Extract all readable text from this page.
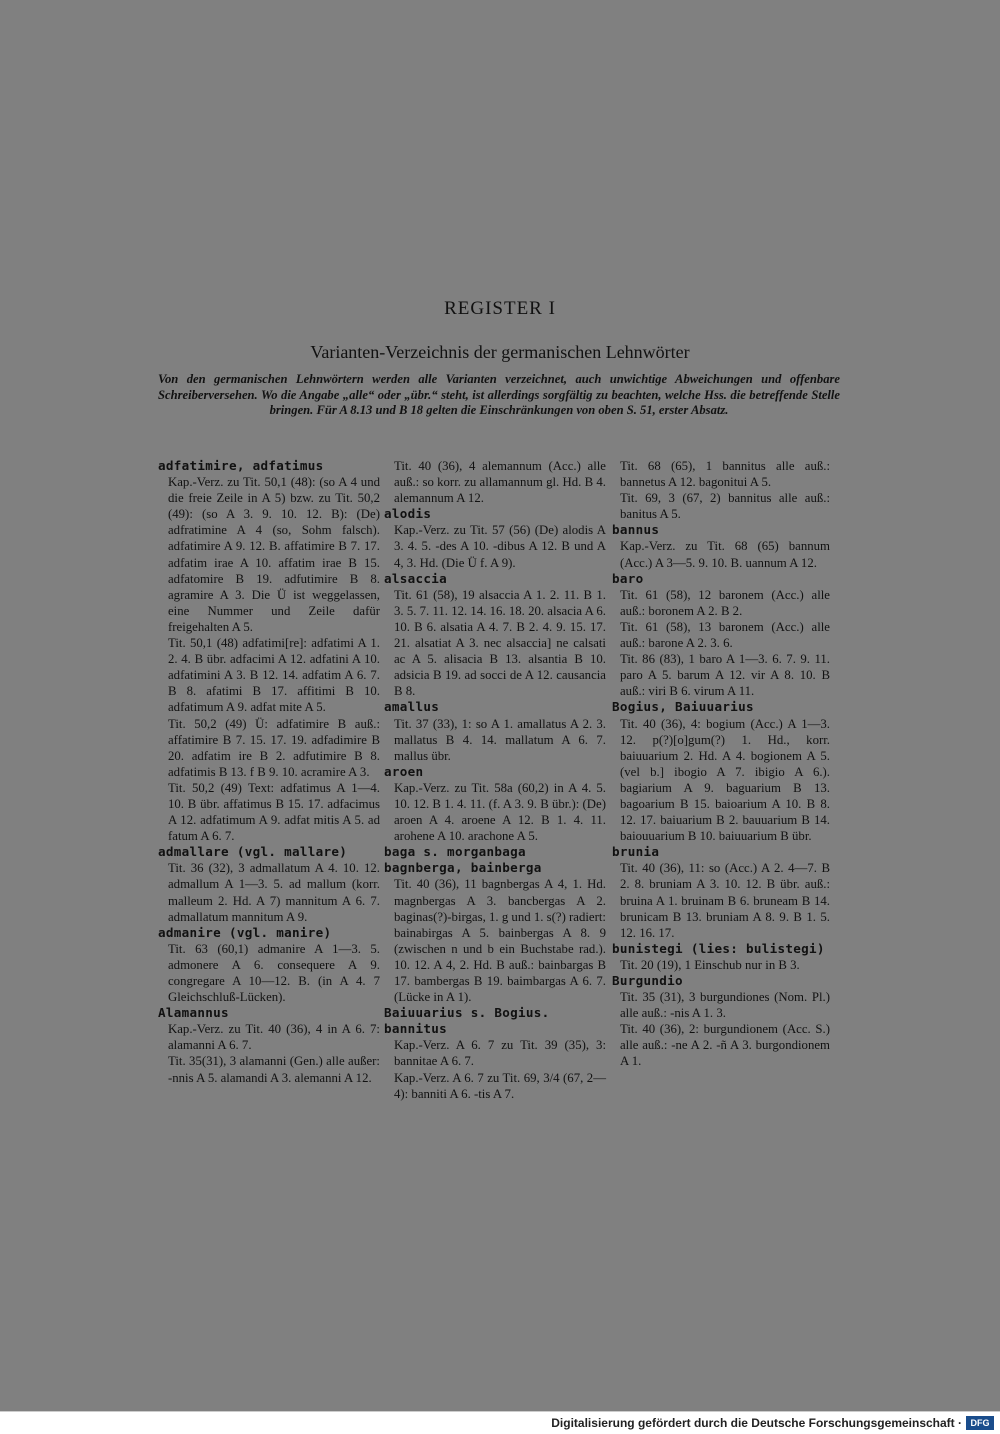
REGISTER I
Varianten-Verzeichnis der germanischen Lehnwörter
Von den germanischen Lehnwörtern werden alle Varianten verzeichnet, auch unwichtige Abweichungen und offenbare Schreiberversehen. Wo die Angabe „alle“ oder „übr.“ steht, ist allerdings sorgfältig zu beachten, welche Hss. die betreffende Stelle bringen. Für A 8.13 und B 18 gelten die Einschränkungen von oben S. 51, erster Absatz.
adfatimire, adfatimus
Kap.-Verz. zu Tit. 50,1 (48): (so A 4 und die freie Zeile in A 5) bzw. zu Tit. 50,2 (49): (so A 3. 9. 10. 12. B): (De) adfratimine A 4 (so, Sohm falsch). adfatimire A 9. 12. B. affatimire B 7. 17. adfatim irae A 10. affatim irae B 15. adfatomire B 19. adfutimire B 8. agramire A 3. Die Ü ist weggelassen, eine Nummer und Zeile dafür freigehalten A 5.
Tit. 50,1 (48) adfatimi[re]: adfatimi A 1. 2. 4. B übr. adfacimi A 12. adfatini A 10. adfatimini A 3. B 12. 14. adfatim A 6. 7. B 8. afatimi B 17. affitimi B 10. adfatimum A 9. adfat mite A 5.
Tit. 50,2 (49) Ü: adfatimire B auß.: affatimire B 7. 15. 17. 19. adfadimire B 20. adfatim ire B 2. adfutimire B 8. adfatimis B 13. f B 9. 10. acramire A 3.
Tit. 50,2 (49) Text: adfatimus A 1—4. 10. B übr. affatimus B 15. 17. adfacimus A 12. adfatimum A 9. adfat mitis A 5. ad fatum A 6. 7.
admallare (vgl. mallare)
Tit. 36 (32), 3 admallatum A 4. 10. 12. admallum A 1—3. 5. ad mallum (korr. malleum 2. Hd. A 7) mannitum A 6. 7. admallatum mannitum A 9.
admanire (vgl. manire)
Tit. 63 (60,1) admanire A 1—3. 5. admonere A 6. consequere A 9. congregare A 10—12. B. (in A 4. 7 Gleichschluß-Lücken).
Alamannus
Kap.-Verz. zu Tit. 40 (36), 4 in A 6. 7: alamanni A 6. 7.
Tit. 35(31), 3 alamanni (Gen.) alle außer: -nnis A 5. alamandi A 3. alemanni A 12.
Tit. 40 (36), 4 alemannum (Acc.) alle auß.: so korr. zu allamannum gl. Hd. B 4. alemannum A 12.
alodis
Kap.-Verz. zu Tit. 57 (56) (De) alodis A 3. 4. 5. -des A 10. -dibus A 12. B und A 4, 3. Hd. (Die Ü f. A 9).
alsaccia
Tit. 61 (58), 19 alsaccia A 1. 2. 11. B 1. 3. 5. 7. 11. 12. 14. 16. 18. 20. alsacia A 6. 10. B 6. alsatia A 4. 7. B 2. 4. 9. 15. 17. 21. alsatiat A 3. nec alsaccia] ne calsati ac A 5. alisacia B 13. alsantia B 10. adsicia B 19. ad socci de A 12. causancia B 8.
amallus
Tit. 37 (33), 1: so A 1. amallatus A 2. 3. mallatus B 4. 14. mallatum A 6. 7. mallus übr.
aroen
Kap.-Verz. zu Tit. 58a (60,2) in A 4. 5. 10. 12. B 1. 4. 11. (f. A 3. 9. B übr.): (De) aroen A 4. aroene A 12. B 1. 4. 11. arohene A 10. arachone A 5.
baga s. morganbaga
bagnberga, bainberga
Tit. 40 (36), 11 bagnbergas A 4, 1. Hd. magnbergas A 3. bancbergas A 2. baginas(?)-birgas, 1. g und 1. s(?) radiert: bainabirgas A 5. bainbergas A 8. 9 (zwischen n und b ein Buchstabe rad.). 10. 12. A 4, 2. Hd. B auß.: bainbargas B 17. bambergas B 19. baimbargas A 6. 7. (Lücke in A 1).
Baiuuarius s. Bogius.
bannitus
Kap.-Verz. A 6. 7 zu Tit. 39 (35), 3: bannitae A 6. 7.
Kap.-Verz. A 6. 7 zu Tit. 69, 3/4 (67, 2—4): banniti A 6. -tis A 7.
Tit. 68 (65), 1 bannitus alle auß.: bannetus A 12. bagonitui A 5.
Tit. 69, 3 (67, 2) bannitus alle auß.: banitus A 5.
bannus
Kap.-Verz. zu Tit. 68 (65) bannum (Acc.) A 3—5. 9. 10. B. uannum A 12.
baro
Tit. 61 (58), 12 baronem (Acc.) alle auß.: boronem A 2. B 2.
Tit. 61 (58), 13 baronem (Acc.) alle auß.: barone A 2. 3. 6.
Tit. 86 (83), 1 baro A 1—3. 6. 7. 9. 11. paro A 5. barum A 12. vir A 8. 10. B auß.: viri B 6. virum A 11.
Bogius, Baiuuarius
Tit. 40 (36), 4: bogium (Acc.) A 1—3. 12. p(?)[o]gum(?) 1. Hd., korr. baiuuarium 2. Hd. A 4. bogionem A 5. (vel b.] ibogio A 7. ibigio A 6.). bagiarium A 9. baguarium B 13. bagoarium B 15. baioarium A 10. B 8. 12. 17. baiuarium B 2. bauuarium B 14. baiouuarium B 10. baiuuarium B übr.
brunia
Tit. 40 (36), 11: so (Acc.) A 2. 4—7. B 2. 8. bruniam A 3. 10. 12. B übr. auß.: bruina A 1. bruinam B 6. bruneam B 14. brunicam B 13. bruniam A 8. 9. B 1. 5. 12. 16. 17.
bunistegi (lies: bulistegi)
Tit. 20 (19), 1 Einschub nur in B 3.
Burgundio
Tit. 35 (31), 3 burgundiones (Nom. Pl.) alle auß.: -nis A 1. 3.
Tit. 40 (36), 2: burgundionem (Acc. S.) alle auß.: -ne A 2. -ñ A 3. burgondionem A 1.
Digitalisierung gefördert durch die Deutsche Forschungsgemeinschaft · DFG
